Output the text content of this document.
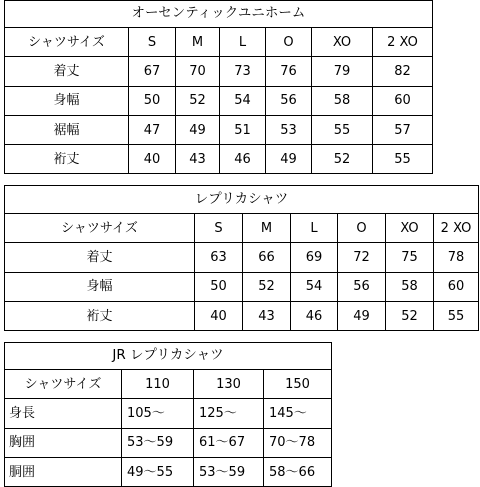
オーセンティックユニホーム						
シャツサイズ	S	M	L	O	XO	2 XO
着丈	67	70	73	76	79	82
身幅	50	52	54	56	58	60
裾幅	47	49	51	53	55	57
裄丈	40	43	46	49	52	55
レプリカシャツ						
シャツサイズ	S	M	L	O	XO	2 XO
着丈	63	66	69	72	75	78
身幅	50	52	54	56	58	60
裄丈	40	43	46	49	52	55
JR レプリカシャツ			
シャツサイズ	110	130	150
身長	105～	125～	145～
胸囲	53～59	61～67	70～78
胴囲	49～55	53～59	58～66
